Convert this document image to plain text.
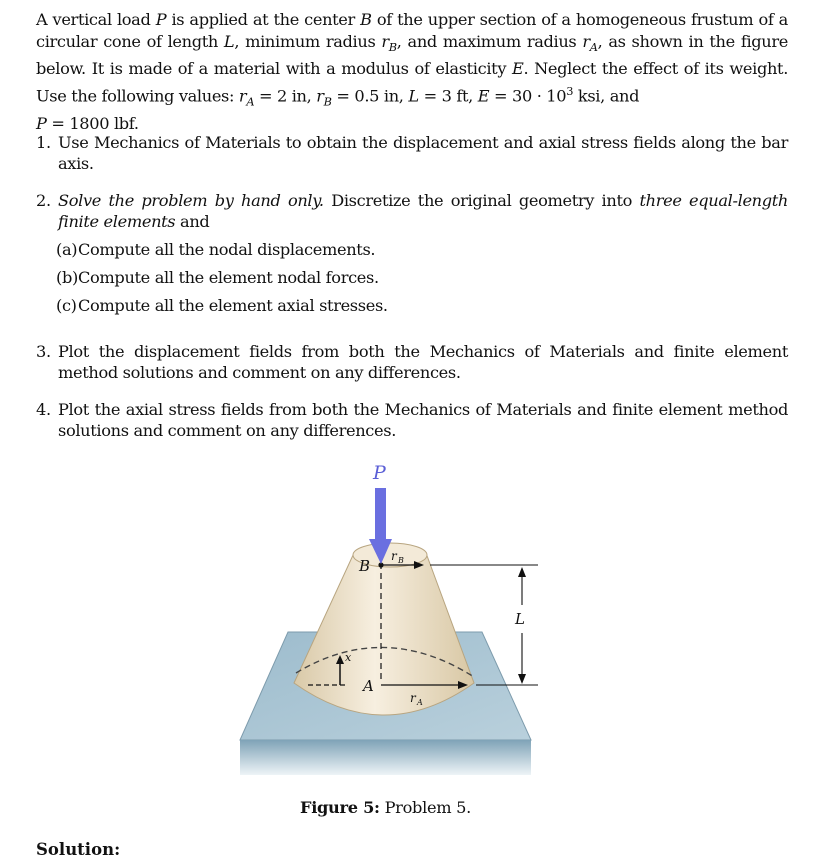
A vertical load P is applied at the center B of the upper section of a homogeneous frustum of a circular cone of length L, minimum radius $r_B$, and maximum radius $r_A$, as shown in the figure below. It is made of a material with a modulus of elasticity E. Neglect the effect of its weight. Use the following values: $r_A = 2$ in, $r_B = 0.5$ in, L = 3 ft, $E = 30 \cdot 10^3$ ksi, and
P = 1800 lbf.
1. Use Mechanics of Materials to obtain the displacement and axial stress fields along the bar axis.
2. Solve the problem by hand only. Discretize the original geometry into three equal-length finite elements and
(a) Compute all the nodal displacements.
(b) Compute all the element nodal forces.
(c) Compute all the element axial stresses.
3. Plot the displacement fields from both the Mechanics of Materials and finite element method solutions and comment on any differences.
4. Plot the axial stress fields from both the Mechanics of Materials and finite element method solutions and comment on any differences.
P
B
r B
A
r A
L
x
Figure 5: Problem 5.
Solution:
